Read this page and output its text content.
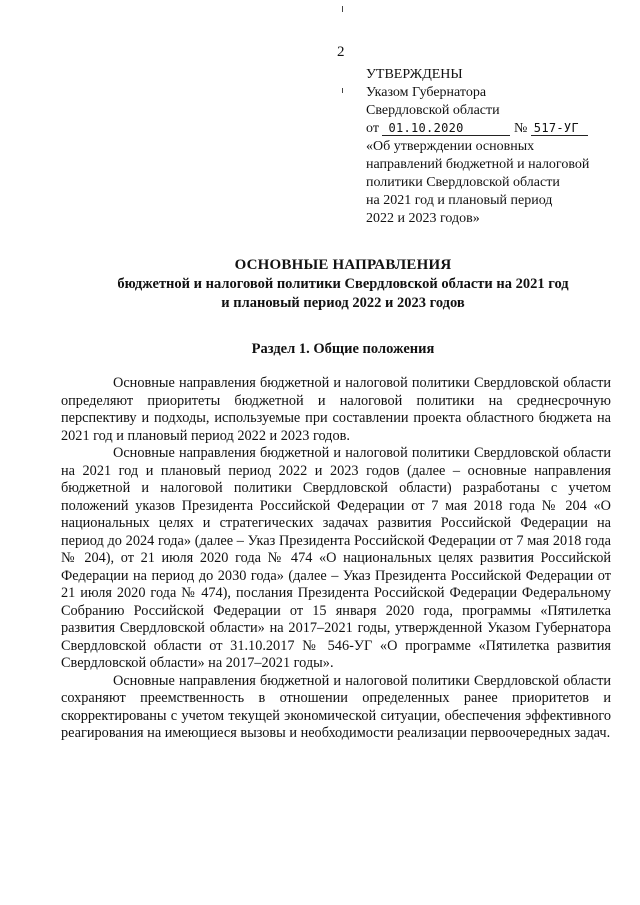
2
УТВЕРЖДЕНЫ
Указом Губернатора
Свердловской области
от 01.10.2020	№ 517-УГ
«Об утверждении основных
направлений бюджетной и налоговой
политики Свердловской области
на 2021 год и плановый период
2022 и 2023 годов»
ОСНОВНЫЕ НАПРАВЛЕНИЯ
бюджетной и налоговой политики Свердловской области на 2021 год
и плановый период 2022 и 2023 годов
Раздел 1. Общие положения

Основные направления бюджетной и налоговой политики Свердловской области определяют приоритеты бюджетной и налоговой политики на среднесрочную перспективу и подходы, используемые при составлении проекта областного бюджета на 2021 год и плановый период 2022 и 2023 годов.

Основные направления бюджетной и налоговой политики Свердловской области на 2021 год и плановый период 2022 и 2023 годов (далее – основные направления бюджетной и налоговой политики Свердловской области) разработаны с учетом положений указов Президента Российской Федерации от 7 мая 2018 года № 204 «О национальных целях и стратегических задачах развития Российской Федерации на период до 2024 года» (далее – Указ Президента Российской Федерации от 7 мая 2018 года № 204), от 21 июля 2020 года № 474 «О национальных целях развития Российской Федерации на период до 2030 года» (далее – Указ Президента Российской Федерации от 21 июля 2020 года № 474), послания Президента Российской Федерации Федеральному Собранию Российской Федерации от 15 января 2020 года, программы «Пятилетка развития Свердловской области» на 2017–2021 годы, утвержденной Указом Губернатора Свердловской области от 31.10.2017 № 546-УГ «О программе «Пятилетка развития Свердловской области» на 2017–2021 годы».

Основные направления бюджетной и налоговой политики Свердловской области сохраняют преемственность в отношении определенных ранее приоритетов и скорректированы с учетом текущей экономической ситуации, обеспечения эффективного реагирования на имеющиеся вызовы и необходимости реализации первоочередных задач.
